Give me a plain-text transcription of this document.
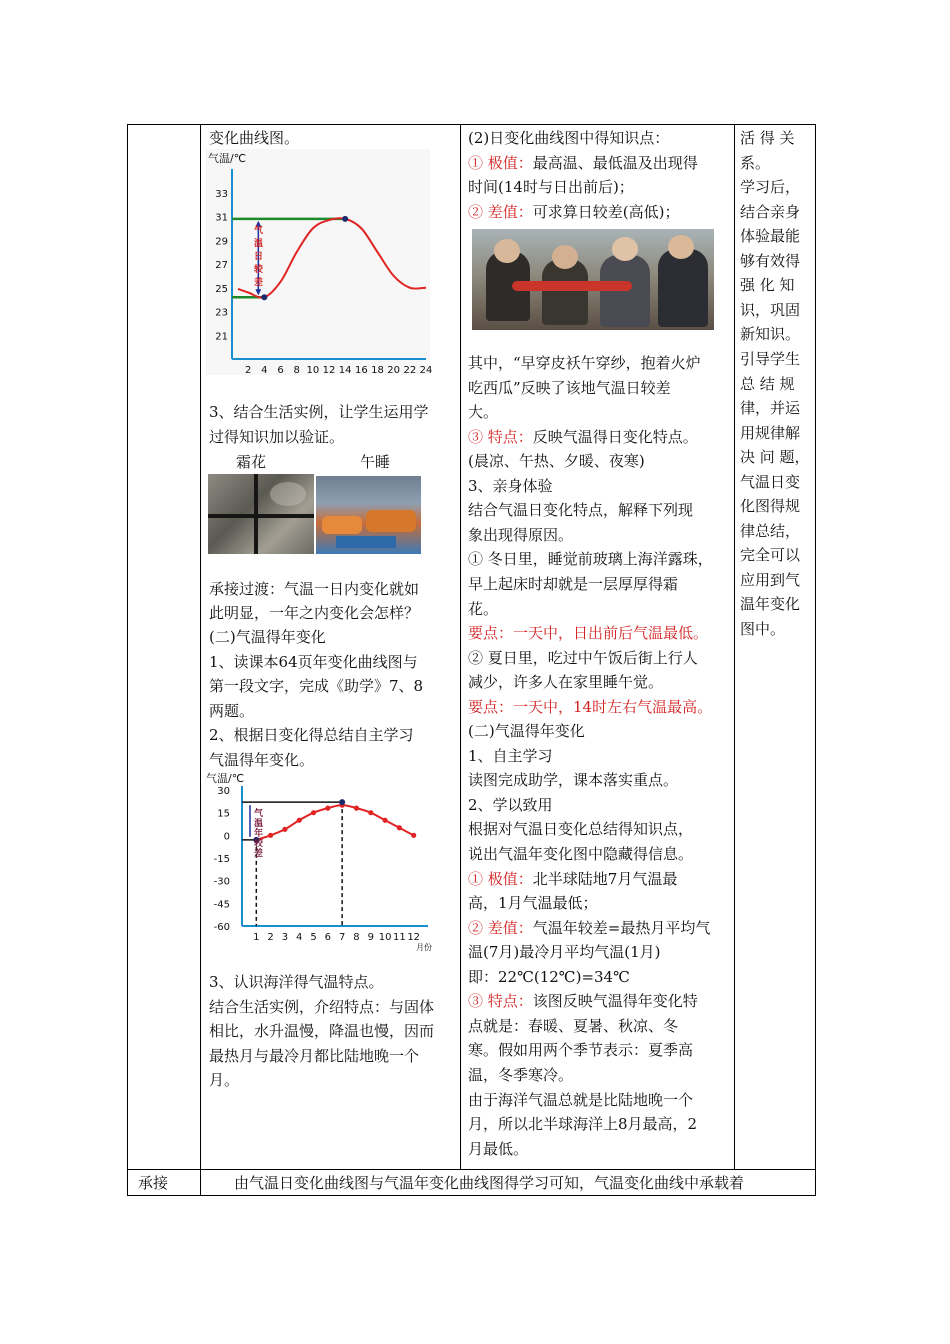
变化曲线图。
气温/℃
33
31
29
27
25
23
21
2 4 6 8 10 12 14 16 18 20 22 24
气温日较差
3、结合生活实例，让学生运用学
过得知识加以验证。
霜花	午睡
承接过渡：气温一日内变化就如
此明显，一年之内变化会怎样？
(二)气温得年变化
1、读课本64页年变化曲线图与
第一段文字，完成《助学》7、8
两题。
2、根据日变化得总结自主学习
气温得年变化。
气温/℃
30
15
0
-15
-30
-45
-60
1 2 3 4 5 6 7 8 9 10 11 12
气温年较差
月份
3、认识海洋得气温特点。
结合生活实例，介绍特点：与固体
相比，水升温慢，降温也慢，因而
最热月与最冷月都比陆地晚一个
月。
(2)日变化曲线图中得知识点：
① 极值：最高温、最低温及出现得
时间(14时与日出前后)；
② 差值：可求算日较差(高低)；
其中，“早穿皮袄午穿纱，抱着火炉
吃西瓜”反映了该地气温日较差
大。
③ 特点：反映气温得日变化特点。
(晨凉、午热、夕暖、夜寒)
3、亲身体验
结合气温日变化特点，解释下列现
象出现得原因。
① 冬日里，睡觉前玻璃上海洋露珠，
早上起床时却就是一层厚厚得霜
花。
要点：一天中，日出前后气温最低。
② 夏日里，吃过中午饭后街上行人
减少，许多人在家里睡午觉。
要点：一天中，14时左右气温最高。
(二)气温得年变化
1、自主学习
读图完成助学，课本落实重点。
2、学以致用
根据对气温日变化总结得知识点，
说出气温年变化图中隐藏得信息。
① 极值：北半球陆地7月气温最
高，1月气温最低；
② 差值：气温年较差=最热月平均气
温(7月)最冷月平均气温(1月)
即：22℃(12℃)=34℃
③ 特点：该图反映气温得年变化特
点就是：春暖、夏暑、秋凉、冬
寒。假如用两个季节表示：夏季高
温，冬季寒冷。
由于海洋气温总就是比陆地晚一个
月，所以北半球海洋上8月最高，2
月最低。
活 得 关
系。
学习后，
结合亲身
体验最能
够有效得
强 化 知
识，巩固
新知识。
引导学生
总 结 规
律，并运
用规律解
决 问 题，
气温日变
化图得规
律总结，
完全可以
应用到气
温年变化
图中。
承接	由气温日变化曲线图与气温年变化曲线图得学习可知，气温变化曲线中承载着
